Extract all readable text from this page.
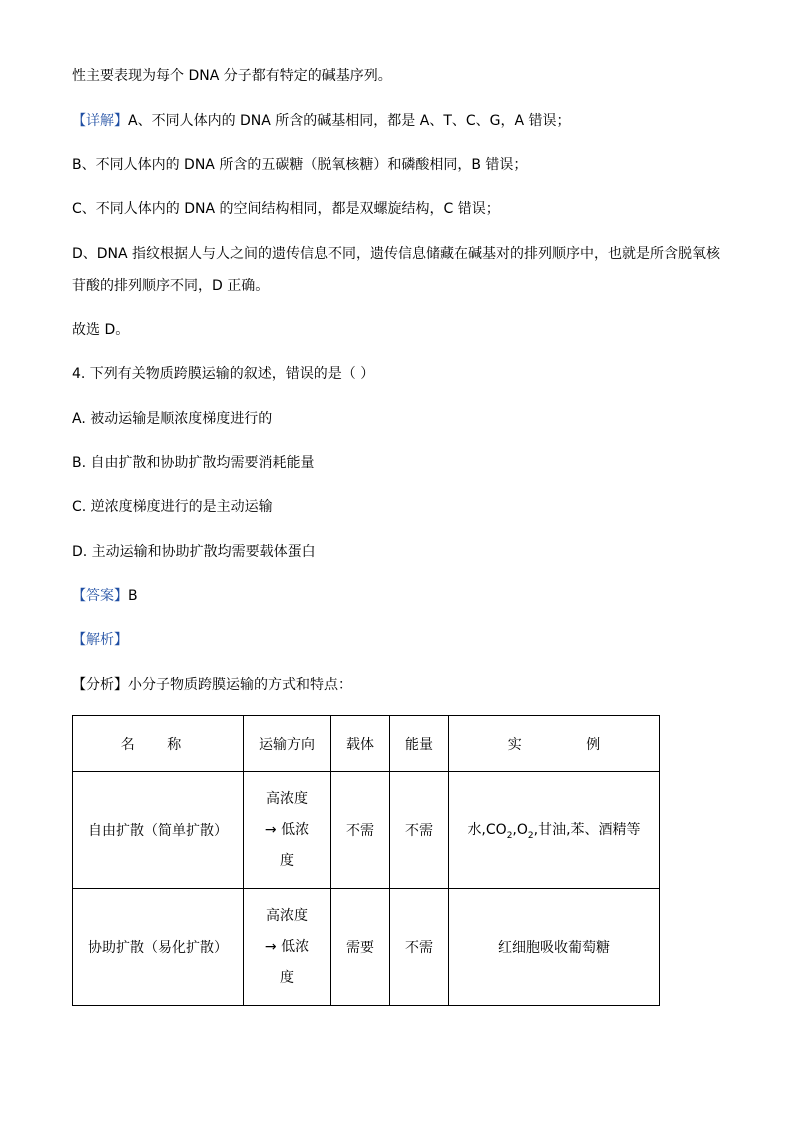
性主要表现为每个 DNA 分子都有特定的碱基序列。
【详解】A、不同人体内的 DNA 所含的碱基相同，都是 A、T、C、G，A 错误；
B、不同人体内的 DNA 所含的五碳糖（脱氧核糖）和磷酸相同，B 错误；
C、不同人体内的 DNA 的空间结构相同，都是双螺旋结构，C 错误；
D、DNA 指纹根据人与人之间的遗传信息不同，遗传信息储藏在碱基对的排列顺序中，也就是所含脱氧核
苷酸的排列顺序不同，D 正确。
故选 D。
4. 下列有关物质跨膜运输的叙述，错误的是（ ）
A. 被动运输是顺浓度梯度进行的
B. 自由扩散和协助扩散均需要消耗能量
C. 逆浓度梯度进行的是主动运输
D. 主动运输和协助扩散均需要载体蛋白
【答案】B
【解析】
【分析】小分子物质跨膜运输的方式和特点：
名 称	运输方向	载体	能量	实 例
自由扩散（简单扩散）	高浓度
→ 低浓
度	不需	不需	水$,CO_2,O_2$,甘油,苯、酒精等
协助扩散（易化扩散）	高浓度
→ 低浓
度	需要	不需	红细胞吸收葡萄糖
